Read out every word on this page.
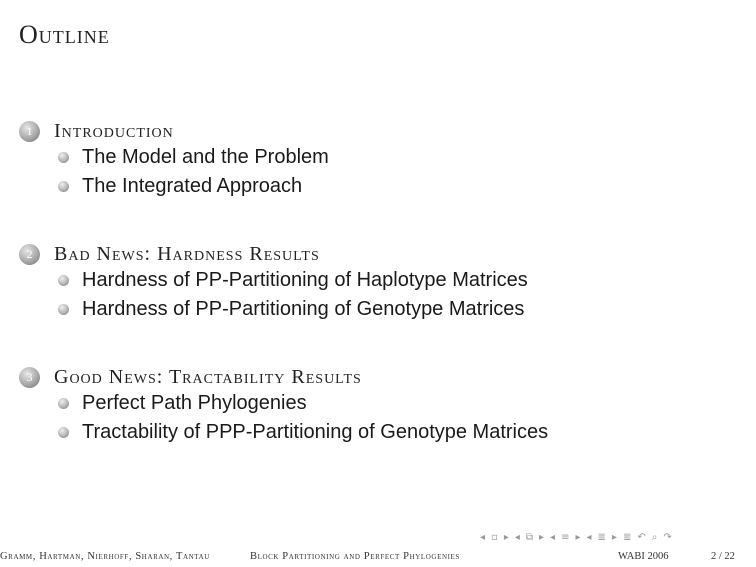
Outline
1	Introduction
The Model and the Problem
The Integrated Approach
2	Bad News: Hardness Results
Hardness of PP-Partitioning of Haplotype Matrices
Hardness of PP-Partitioning of Genotype Matrices
3	Good News: Tractability Results
Perfect Path Phylogenies
Tractability of PPP-Partitioning of Genotype Matrices
◂ ▫ ▸ ◂ ⧉ ▸ ◂ ≡ ▸ ◂ ≣ ▸ ≣ ↶ ⌕ ↷
Gramm, Hartman, Nierhoff, Sharan, Tantau	Block Partitioning and Perfect Phylogenies	WABI 2006	2 / 22
